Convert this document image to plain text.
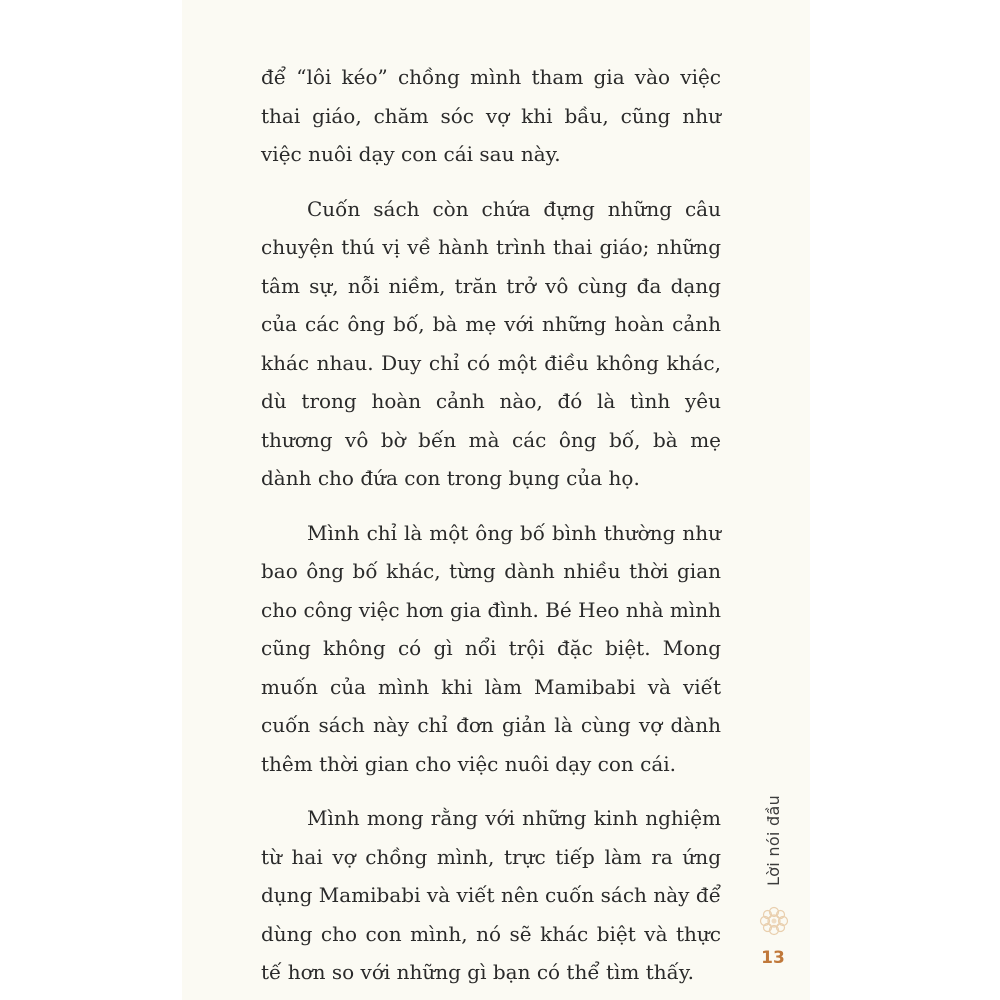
để “lôi kéo” chồng mình tham gia vào việc thai giáo, chăm sóc vợ khi bầu, cũng như việc nuôi dạy con cái sau này.

Cuốn sách còn chứa đựng những câu chuyện thú vị về hành trình thai giáo; những tâm sự, nỗi niềm, trăn trở vô cùng đa dạng của các ông bố, bà mẹ với những hoàn cảnh khác nhau. Duy chỉ có một điều không khác, dù trong hoàn cảnh nào, đó là tình yêu thương vô bờ bến mà các ông bố, bà mẹ dành cho đứa con trong bụng của họ.

Mình chỉ là một ông bố bình thường như bao ông bố khác, từng dành nhiều thời gian cho công việc hơn gia đình. Bé Heo nhà mình cũng không có gì nổi trội đặc biệt. Mong muốn của mình khi làm Mamibabi và viết cuốn sách này chỉ đơn giản là cùng vợ dành thêm thời gian cho việc nuôi dạy con cái.

Mình mong rằng với những kinh nghiệm từ hai vợ chồng mình, trực tiếp làm ra ứng dụng Mamibabi và viết nên cuốn sách này để dùng cho con mình, nó sẽ khác biệt và thực tế hơn so với những gì bạn có thể tìm thấy.

Lời nói đầu
13
